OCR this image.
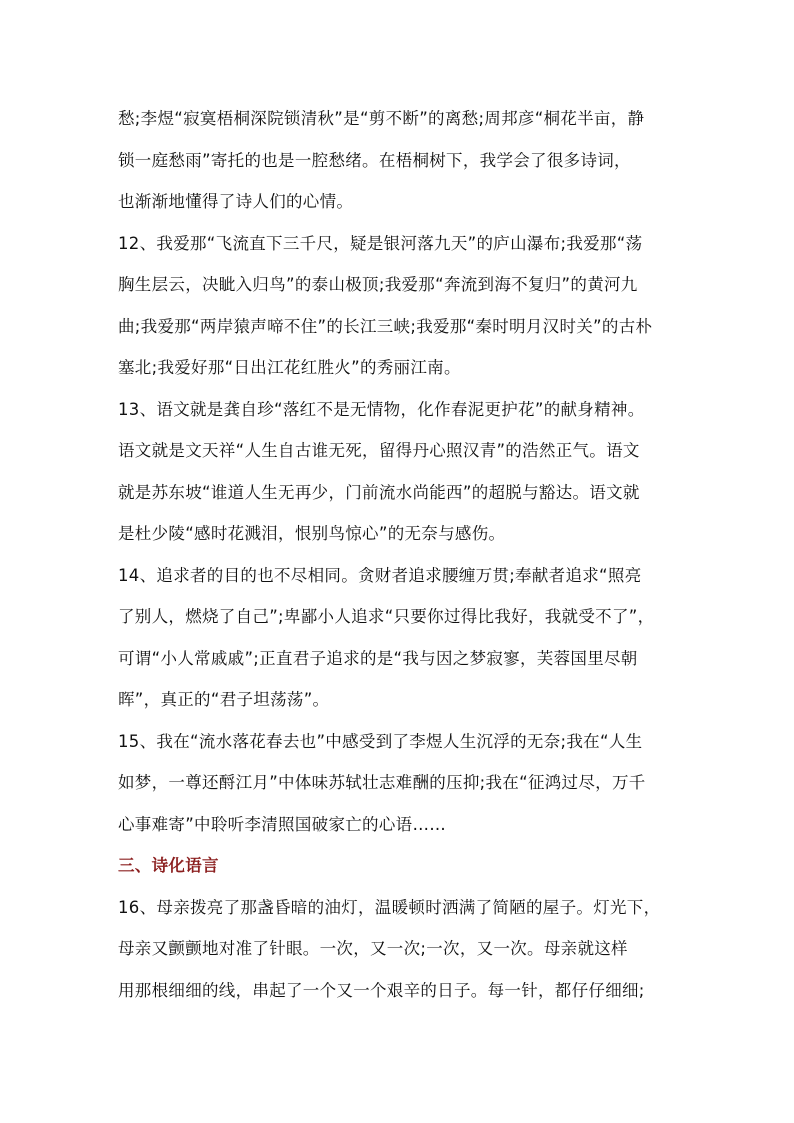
愁;李煜“寂寞梧桐深院锁清秋”是“剪不断”的离愁;周邦彦“桐花半亩，静
锁一庭愁雨”寄托的也是一腔愁绪。在梧桐树下，我学会了很多诗词，
也渐渐地懂得了诗人们的心情。
12、我爱那“飞流直下三千尺，疑是银河落九天”的庐山瀑布;我爱那“荡
胸生层云，决眦入归鸟”的泰山极顶;我爱那“奔流到海不复归”的黄河九
曲;我爱那“两岸猿声啼不住”的长江三峡;我爱那“秦时明月汉时关”的古朴
塞北;我爱好那“日出江花红胜火”的秀丽江南。
13、语文就是龚自珍“落红不是无情物，化作春泥更护花”的献身精神。
语文就是文天祥“人生自古谁无死，留得丹心照汉青”的浩然正气。语文
就是苏东坡“谁道人生无再少，门前流水尚能西”的超脱与豁达。语文就
是杜少陵“感时花溅泪，恨别鸟惊心”的无奈与感伤。
14、追求者的目的也不尽相同。贪财者追求腰缠万贯;奉献者追求“照亮
了别人，燃烧了自己”;卑鄙小人追求“只要你过得比我好，我就受不了”，
可谓“小人常戚戚”;正直君子追求的是“我与因之梦寂寥，芙蓉国里尽朝
晖”，真正的“君子坦荡荡”。
15、我在“流水落花春去也”中感受到了李煜人生沉浮的无奈;我在“人生
如梦，一尊还酹江月”中体味苏轼壮志难酬的压抑;我在“征鸿过尽，万千
心事难寄”中聆听李清照国破家亡的心语……
三、诗化语言
16、母亲拨亮了那盏昏暗的油灯，温暖顿时洒满了简陋的屋子。灯光下，
母亲又颤颤地对准了针眼。一次，又一次;一次，又一次。母亲就这样
用那根细细的线，串起了一个又一个艰辛的日子。每一针，都仔仔细细;
